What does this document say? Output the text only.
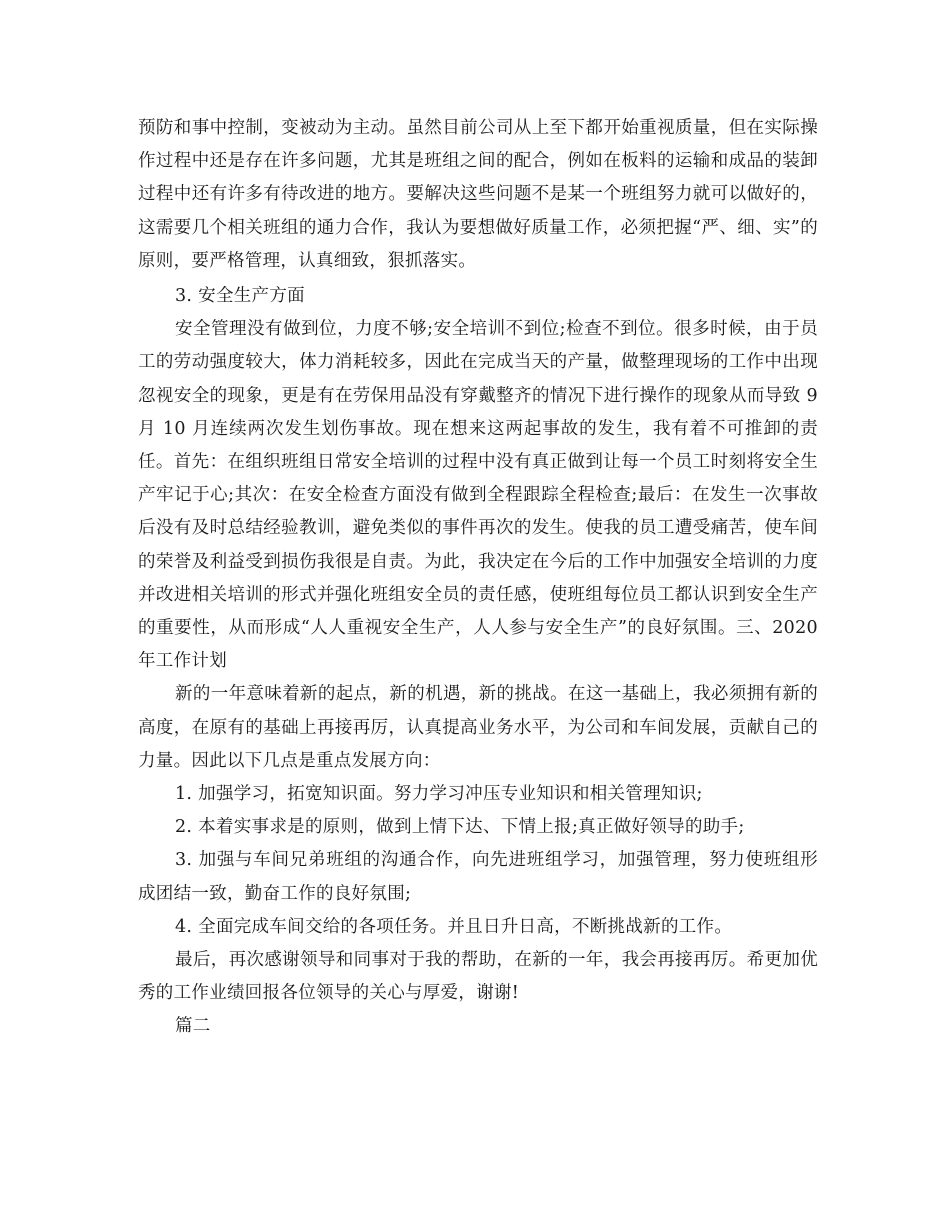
预防和事中控制，变被动为主动。虽然目前公司从上至下都开始重视质量，但在实际操作过程中还是存在许多问题，尤其是班组之间的配合，例如在板料的运输和成品的装卸过程中还有许多有待改进的地方。要解决这些问题不是某一个班组努力就可以做好的，这需要几个相关班组的通力合作，我认为要想做好质量工作，必须把握“严、细、实”的原则，要严格管理，认真细致，狠抓落实。

3. 安全生产方面

安全管理没有做到位，力度不够;安全培训不到位;检查不到位。很多时候，由于员工的劳动强度较大，体力消耗较多，因此在完成当天的产量，做整理现场的工作中出现忽视安全的现象，更是有在劳保用品没有穿戴整齐的情况下进行操作的现象从而导致 9 月 10 月连续两次发生划伤事故。现在想来这两起事故的发生，我有着不可推卸的责任。首先：在组织班组日常安全培训的过程中没有真正做到让每一个员工时刻将安全生产牢记于心;其次：在安全检查方面没有做到全程跟踪全程检查;最后：在发生一次事故后没有及时总结经验教训，避免类似的事件再次的发生。使我的员工遭受痛苦，使车间的荣誉及利益受到损伤我很是自责。为此，我决定在今后的工作中加强安全培训的力度并改进相关培训的形式并强化班组安全员的责任感，使班组每位员工都认识到安全生产的重要性，从而形成“人人重视安全生产，人人参与安全生产”的良好氛围。三、2020 年工作计划

新的一年意味着新的起点，新的机遇，新的挑战。在这一基础上，我必须拥有新的高度，在原有的基础上再接再厉，认真提高业务水平，为公司和车间发展，贡献自己的力量。因此以下几点是重点发展方向：

1. 加强学习，拓宽知识面。努力学习冲压专业知识和相关管理知识;

2. 本着实事求是的原则，做到上情下达、下情上报;真正做好领导的助手;

3. 加强与车间兄弟班组的沟通合作，向先进班组学习，加强管理，努力使班组形成团结一致，勤奋工作的良好氛围;

4. 全面完成车间交给的各项任务。并且日升日高，不断挑战新的工作。

最后，再次感谢领导和同事对于我的帮助，在新的一年，我会再接再厉。希更加优秀的工作业绩回报各位领导的关心与厚爱，谢谢!

篇二
